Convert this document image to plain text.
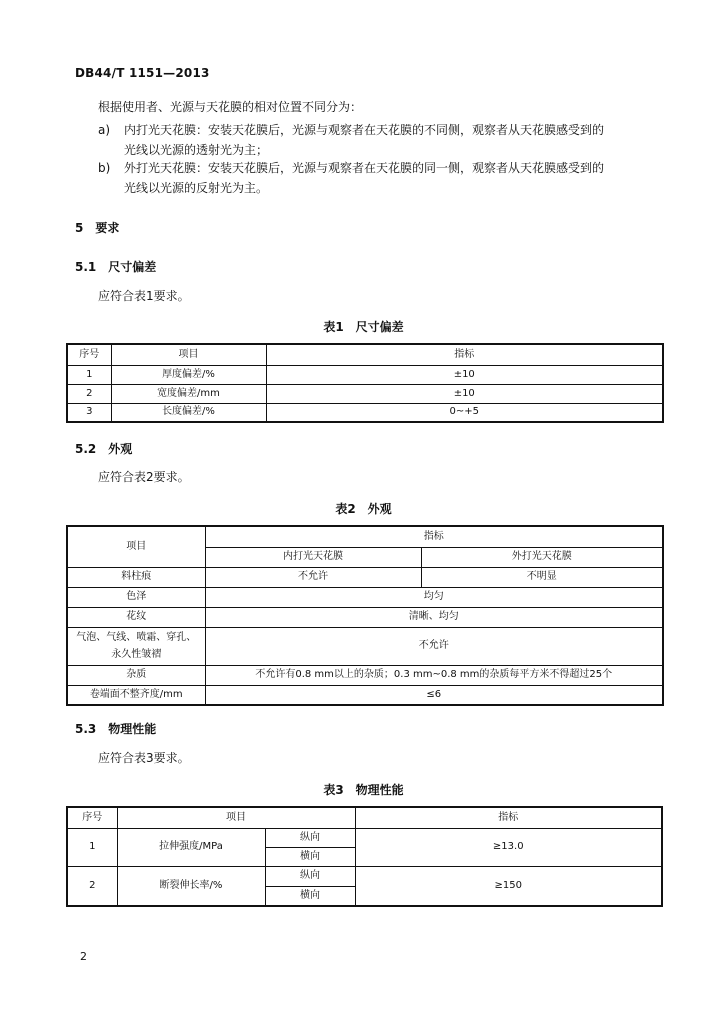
DB44/T 1151—2013
根据使用者、光源与天花膜的相对位置不同分为：
a) 内打光天花膜：安装天花膜后，光源与观察者在天花膜的不同侧，观察者从天花膜感受到的
光线以光源的透射光为主；
b) 外打光天花膜：安装天花膜后，光源与观察者在天花膜的同一侧，观察者从天花膜感受到的
光线以光源的反射光为主。
5　要求
5.1　尺寸偏差
应符合表1要求。
表1　尺寸偏差
序号	项目	指标
1	厚度偏差/%	±10
2	宽度偏差/mm	±10
3	长度偏差/%	0~+5
5.2　外观
应符合表2要求。
表2　外观
项目	指标	
	内打光天花膜	外打光天花膜
料柱痕	不允许	不明显
色泽	均匀	
花纹	清晰、均匀	

气泡、气线、喷霜、穿孔、
永久性皱褶	不允许	
杂质	不允许有0.8 mm以上的杂质；0.3 mm~0.8 mm的杂质每平方米不得超过25个	
卷端面不整齐度/mm	≤6	
5.3　物理性能
应符合表3要求。
表3　物理性能
序号	项目		指标
1	拉伸强度/MPa	纵向	≥13.0
		横向	
2	断裂伸长率/%	纵向	≥150
		横向	
2
